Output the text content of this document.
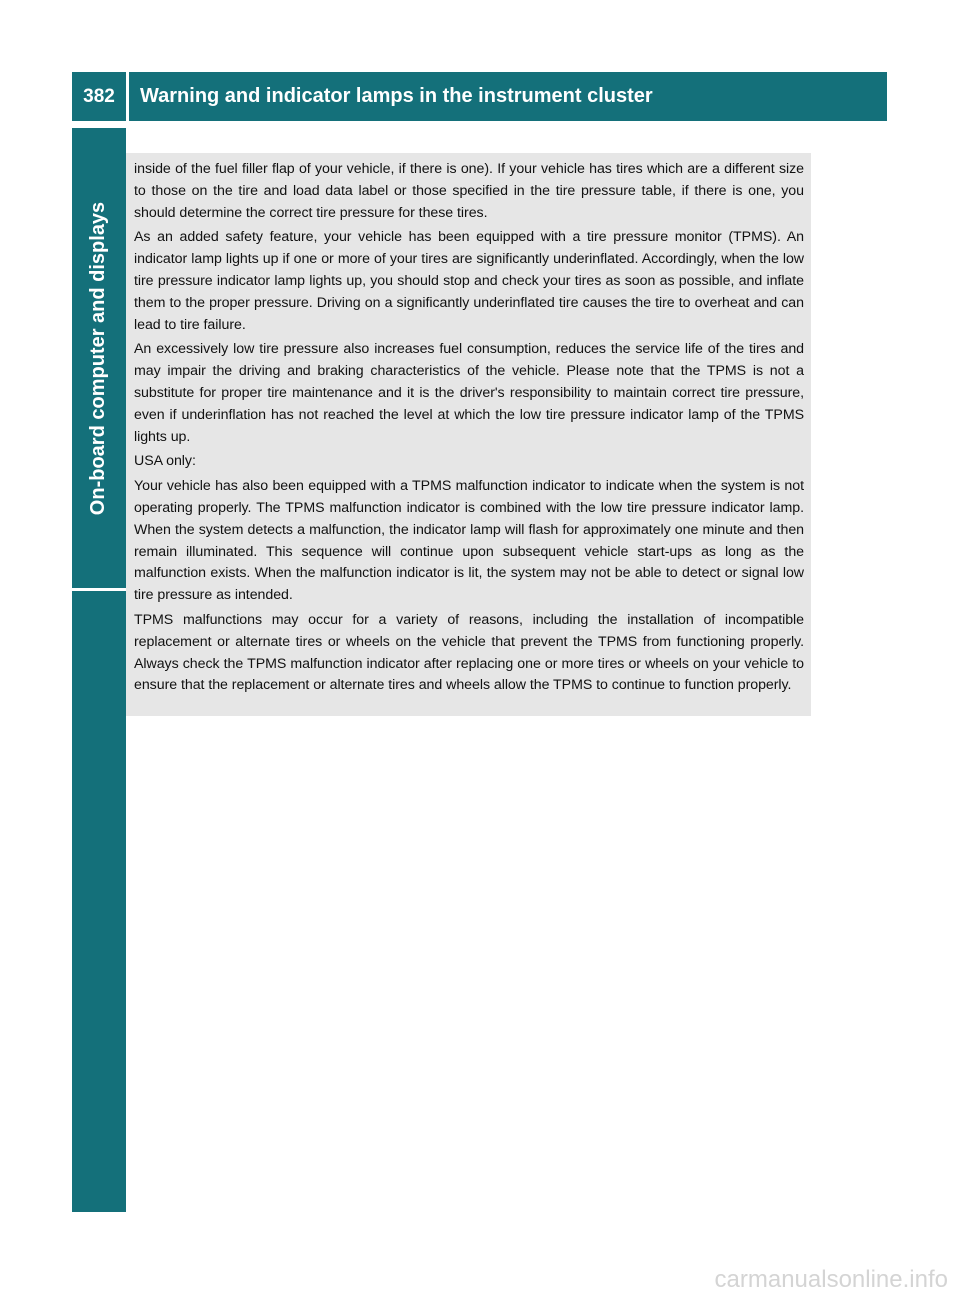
382	Warning and indicator lamps in the instrument cluster
On-board computer and displays

inside of the fuel filler flap of your vehicle, if there is one). If your vehicle has tires which are a different size to those on the tire and load data label or those specified in the tire pressure table, if there is one, you should determine the correct tire pressure for these tires.

As an added safety feature, your vehicle has been equipped with a tire pressure monitor (TPMS). An indicator lamp lights up if one or more of your tires are significantly underinflated. Accordingly, when the low tire pressure indicator lamp lights up, you should stop and check your tires as soon as possible, and inflate them to the proper pressure. Driving on a significantly underinflated tire causes the tire to overheat and can lead to tire failure.

An excessively low tire pressure also increases fuel consumption, reduces the service life of the tires and may impair the driving and braking characteristics of the vehicle. Please note that the TPMS is not a substitute for proper tire maintenance and it is the driver's responsibility to maintain correct tire pressure, even if underinflation has not reached the level at which the low tire pressure indicator lamp of the TPMS lights up.

USA only:

Your vehicle has also been equipped with a TPMS malfunction indicator to indicate when the system is not operating properly. The TPMS malfunction indicator is combined with the low tire pressure indicator lamp. When the system detects a malfunction, the indicator lamp will flash for approximately one minute and then remain illuminated. This sequence will continue upon subsequent vehicle start-ups as long as the malfunction exists. When the malfunction indicator is lit, the system may not be able to detect or signal low tire pressure as intended.

TPMS malfunctions may occur for a variety of reasons, including the installation of incompatible replacement or alternate tires or wheels on the vehicle that prevent the TPMS from functioning properly. Always check the TPMS malfunction indicator after replacing one or more tires or wheels on your vehicle to ensure that the replacement or alternate tires and wheels allow the TPMS to continue to function properly.

carmanualsonline.info
